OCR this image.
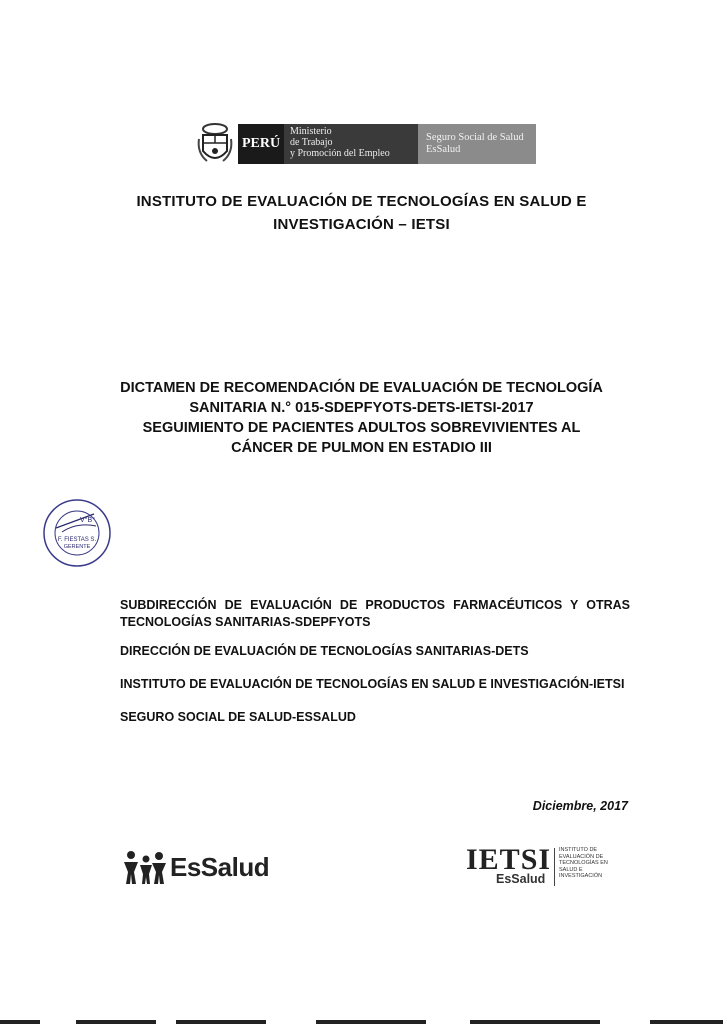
PERÚ
Ministerio
de Trabajo
y Promoción del Empleo
Seguro Social de Salud
EsSalud
INSTITUTO DE EVALUACIÓN DE TECNOLOGÍAS EN SALUD E
INVESTIGACIÓN – IETSI
DICTAMEN DE RECOMENDACIÓN DE EVALUACIÓN DE TECNOLOGÍA
SANITARIA N.° 015-SDEPFYOTS-DETS-IETSI-2017
SEGUIMIENTO DE PACIENTES ADULTOS SOBREVIVIENTES AL
CÁNCER DE PULMON EN ESTADIO III
V°B°
F. FIESTAS S.
GERENTE

SUBDIRECCIÓN DE EVALUACIÓN DE PRODUCTOS FARMACÉUTICOS Y OTRAS TECNOLOGÍAS SANITARIAS-SDEPFYOTS

DIRECCIÓN DE EVALUACIÓN DE TECNOLOGÍAS SANITARIAS-DETS

INSTITUTO DE EVALUACIÓN DE TECNOLOGÍAS EN SALUD E INVESTIGACIÓN-IETSI

SEGURO SOCIAL DE SALUD-ESSALUD

Diciembre, 2017
EsSalud	IETSI
EsSalud
INSTITUTO DE EVALUACIÓN DE TECNOLOGÍAS EN SALUD E INVESTIGACIÓN
